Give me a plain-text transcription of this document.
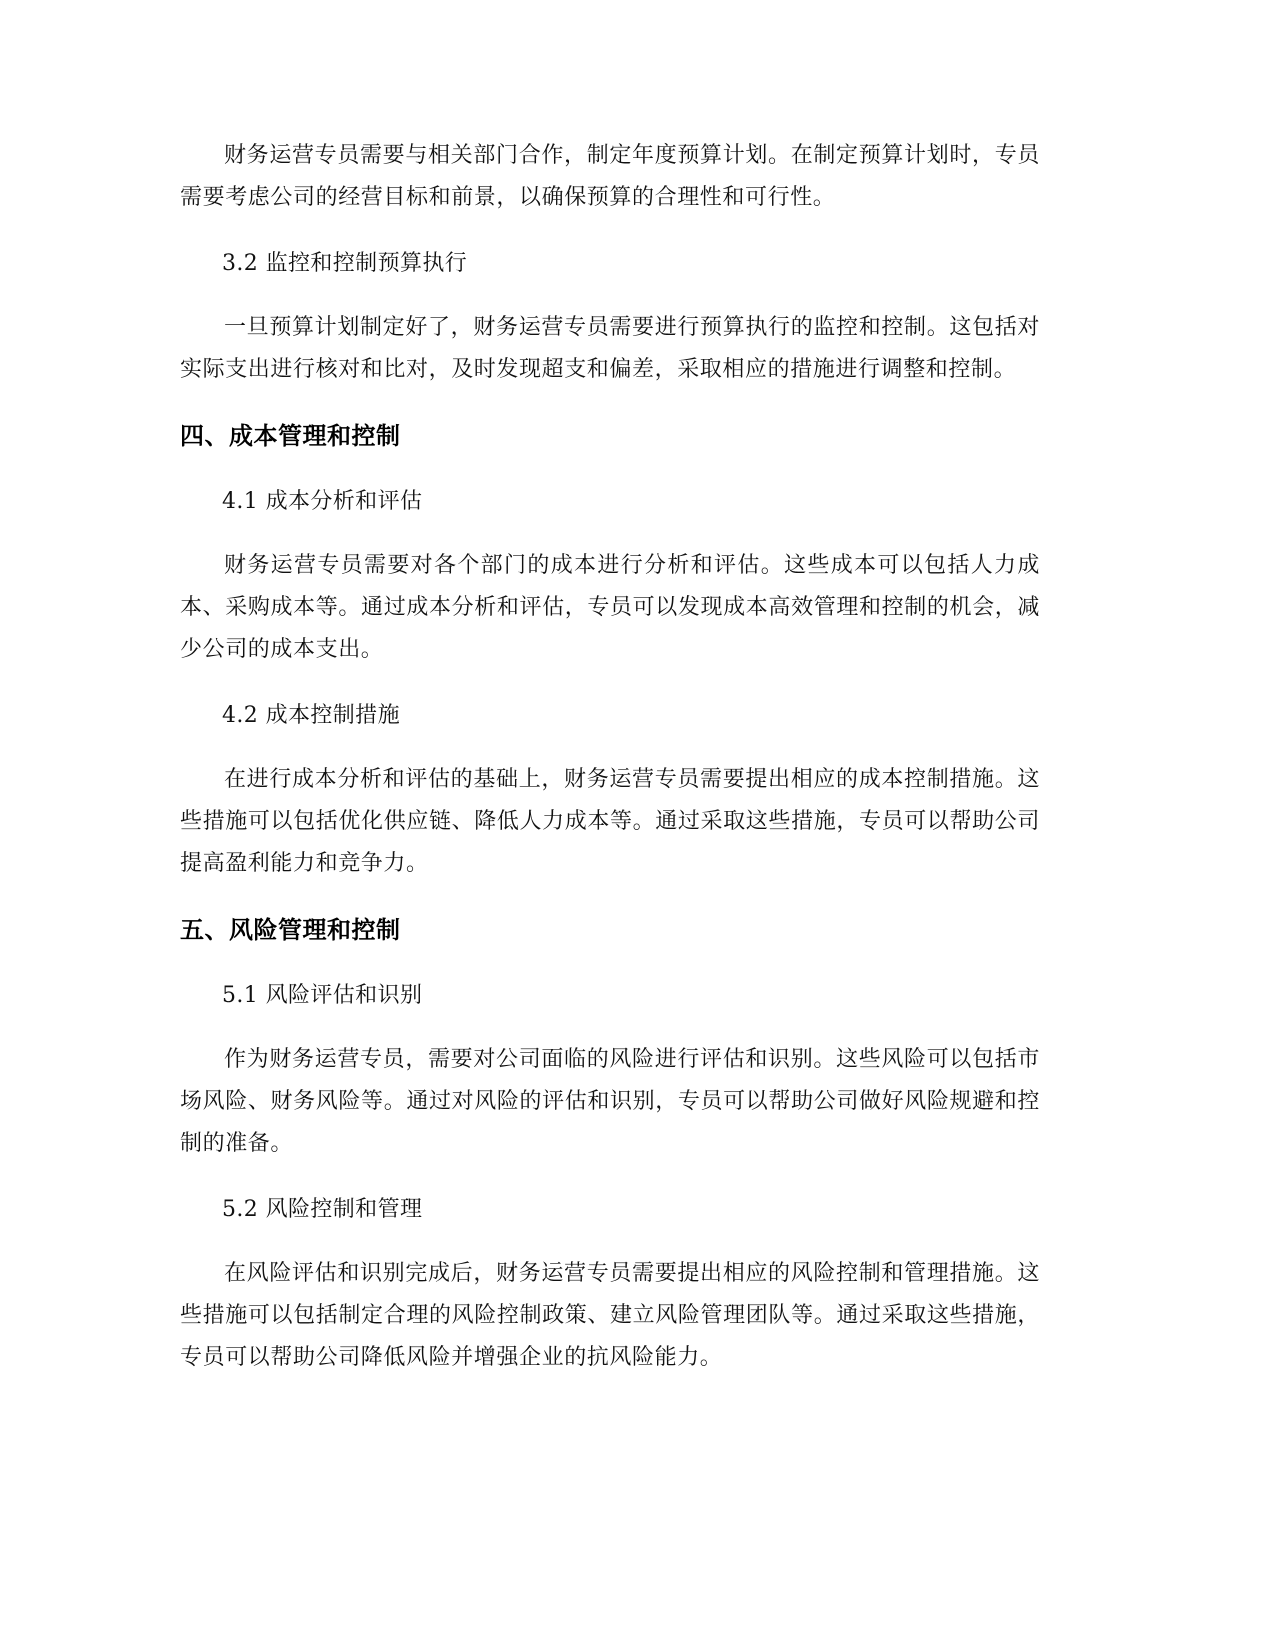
财务运营专员需要与相关部门合作，制定年度预算计划。在制定预算计划时，专员需要考虑公司的经营目标和前景，以确保预算的合理性和可行性。

3.2 监控和控制预算执行

一旦预算计划制定好了，财务运营专员需要进行预算执行的监控和控制。这包括对实际支出进行核对和比对，及时发现超支和偏差，采取相应的措施进行调整和控制。

四、成本管理和控制

4.1 成本分析和评估

财务运营专员需要对各个部门的成本进行分析和评估。这些成本可以包括人力成本、采购成本等。通过成本分析和评估，专员可以发现成本高效管理和控制的机会，减少公司的成本支出。

4.2 成本控制措施

在进行成本分析和评估的基础上，财务运营专员需要提出相应的成本控制措施。这些措施可以包括优化供应链、降低人力成本等。通过采取这些措施，专员可以帮助公司提高盈利能力和竞争力。

五、风险管理和控制

5.1 风险评估和识别

作为财务运营专员，需要对公司面临的风险进行评估和识别。这些风险可以包括市场风险、财务风险等。通过对风险的评估和识别，专员可以帮助公司做好风险规避和控制的准备。

5.2 风险控制和管理

在风险评估和识别完成后，财务运营专员需要提出相应的风险控制和管理措施。这些措施可以包括制定合理的风险控制政策、建立风险管理团队等。通过采取这些措施，专员可以帮助公司降低风险并增强企业的抗风险能力。
